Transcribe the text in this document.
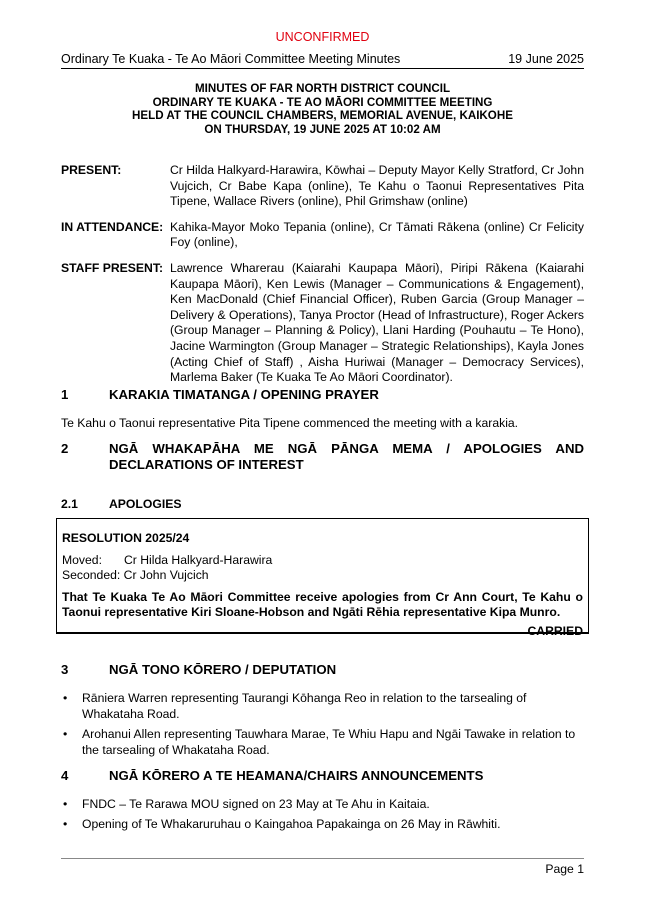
UNCONFIRMED
Ordinary Te Kuaka - Te Ao Māori Committee Meeting Minutes	19 June 2025
MINUTES OF FAR NORTH DISTRICT COUNCIL
ORDINARY TE KUAKA - TE AO MĀORI COMMITTEE MEETING
HELD AT THE COUNCIL CHAMBERS, MEMORIAL AVENUE, KAIKOHE
ON THURSDAY, 19 JUNE 2025 AT 10:02 AM
PRESENT:	Cr Hilda Halkyard-Harawira, Kōwhai – Deputy Mayor Kelly Stratford, Cr John Vujcich, Cr Babe Kapa (online), Te Kahu o Taonui Representatives Pita Tipene, Wallace Rivers (online), Phil Grimshaw (online)
IN ATTENDANCE: Kahika-Mayor Moko Tepania (online), Cr Tāmati Rākena (online) Cr Felicity Foy (online),
STAFF PRESENT: Lawrence Wharerau (Kaiarahi Kaupapa Māori), Piripi Rākena (Kaiarahi Kaupapa Māori), Ken Lewis (Manager – Communications & Engagement), Ken MacDonald (Chief Financial Officer), Ruben Garcia (Group Manager – Delivery & Operations), Tanya Proctor (Head of Infrastructure), Roger Ackers (Group Manager – Planning & Policy), Llani Harding (Pouhautu – Te Hono), Jacine Warmington (Group Manager – Strategic Relationships), Kayla Jones (Acting Chief of Staff) , Aisha Huriwai (Manager – Democracy Services), Marlema Baker (Te Kuaka Te Ao Māori Coordinator).
1	KARAKIA TIMATANGA / OPENING PRAYER
Te Kahu o Taonui representative Pita Tipene commenced the meeting with a karakia.
2	NGĀ WHAKAPĀHA ME NGĀ PĀNGA MEMA / APOLOGIES AND DECLARATIONS OF INTEREST
2.1	APOLOGIES
RESOLUTION 2025/24
Moved:	Cr Hilda Halkyard-Harawira
Seconded:
Cr John Vujcich
That Te Kuaka Te Ao Māori Committee receive apologies from Cr Ann Court, Te Kahu o Taonui representative Kiri Sloane-Hobson and Ngāti Rēhia representative Kipa Munro.
CARRIED
3	NGĀ TONO KŌRERO / DEPUTATION
•	Rāniera Warren representing Taurangi Kōhanga Reo in relation to the tarsealing of Whakataha Road.
•	Arohanui Allen representing Tauwhara Marae, Te Whiu Hapu and Ngāi Tawake in relation to the tarsealing of Whakataha Road.
4	NGĀ KŌRERO A TE HEAMANA/CHAIRS ANNOUNCEMENTS
•	FNDC – Te Rarawa MOU signed on 23 May at Te Ahu in Kaitaia.
•	Opening of Te Whakaruruhau o Kaingahoa Papakainga on 26 May in Rāwhiti.
Page 1
